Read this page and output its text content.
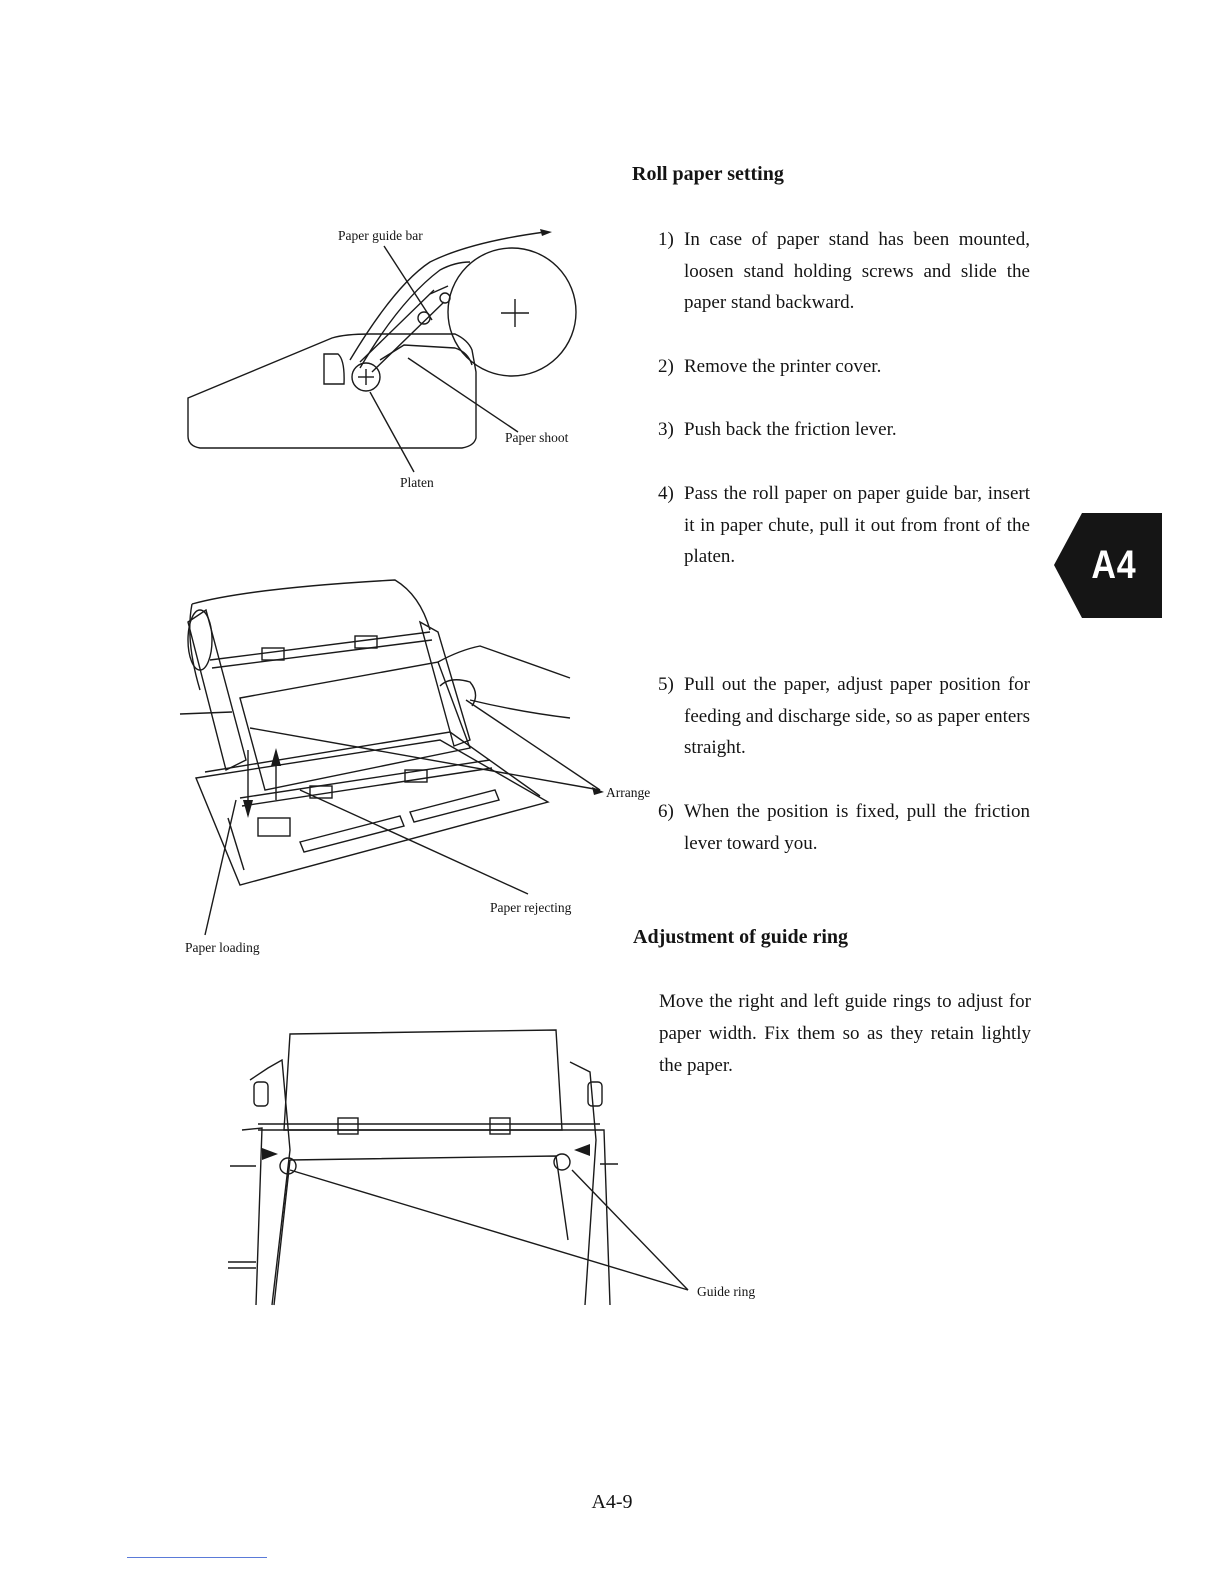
Roll paper setting
1) In case of paper stand has been mounted, loosen stand holding screws and slide the paper stand backward.
2) Remove the printer cover.
3) Push back the friction lever.
4) Pass the roll paper on paper guide bar, insert it in paper chute, pull it out from front of the platen.
5) Pull out the paper, adjust paper position for feeding and discharge side, so as paper enters straight.
6) When the position is fixed, pull the friction lever toward you.
Adjustment of guide ring
Move the right and left guide rings to adjust for paper width. Fix them so as they retain lightly the paper.
A4
Paper guide bar
Paper shoot
Platen
Arrange
Paper rejecting
Paper loading
Guide ring
A4-9
